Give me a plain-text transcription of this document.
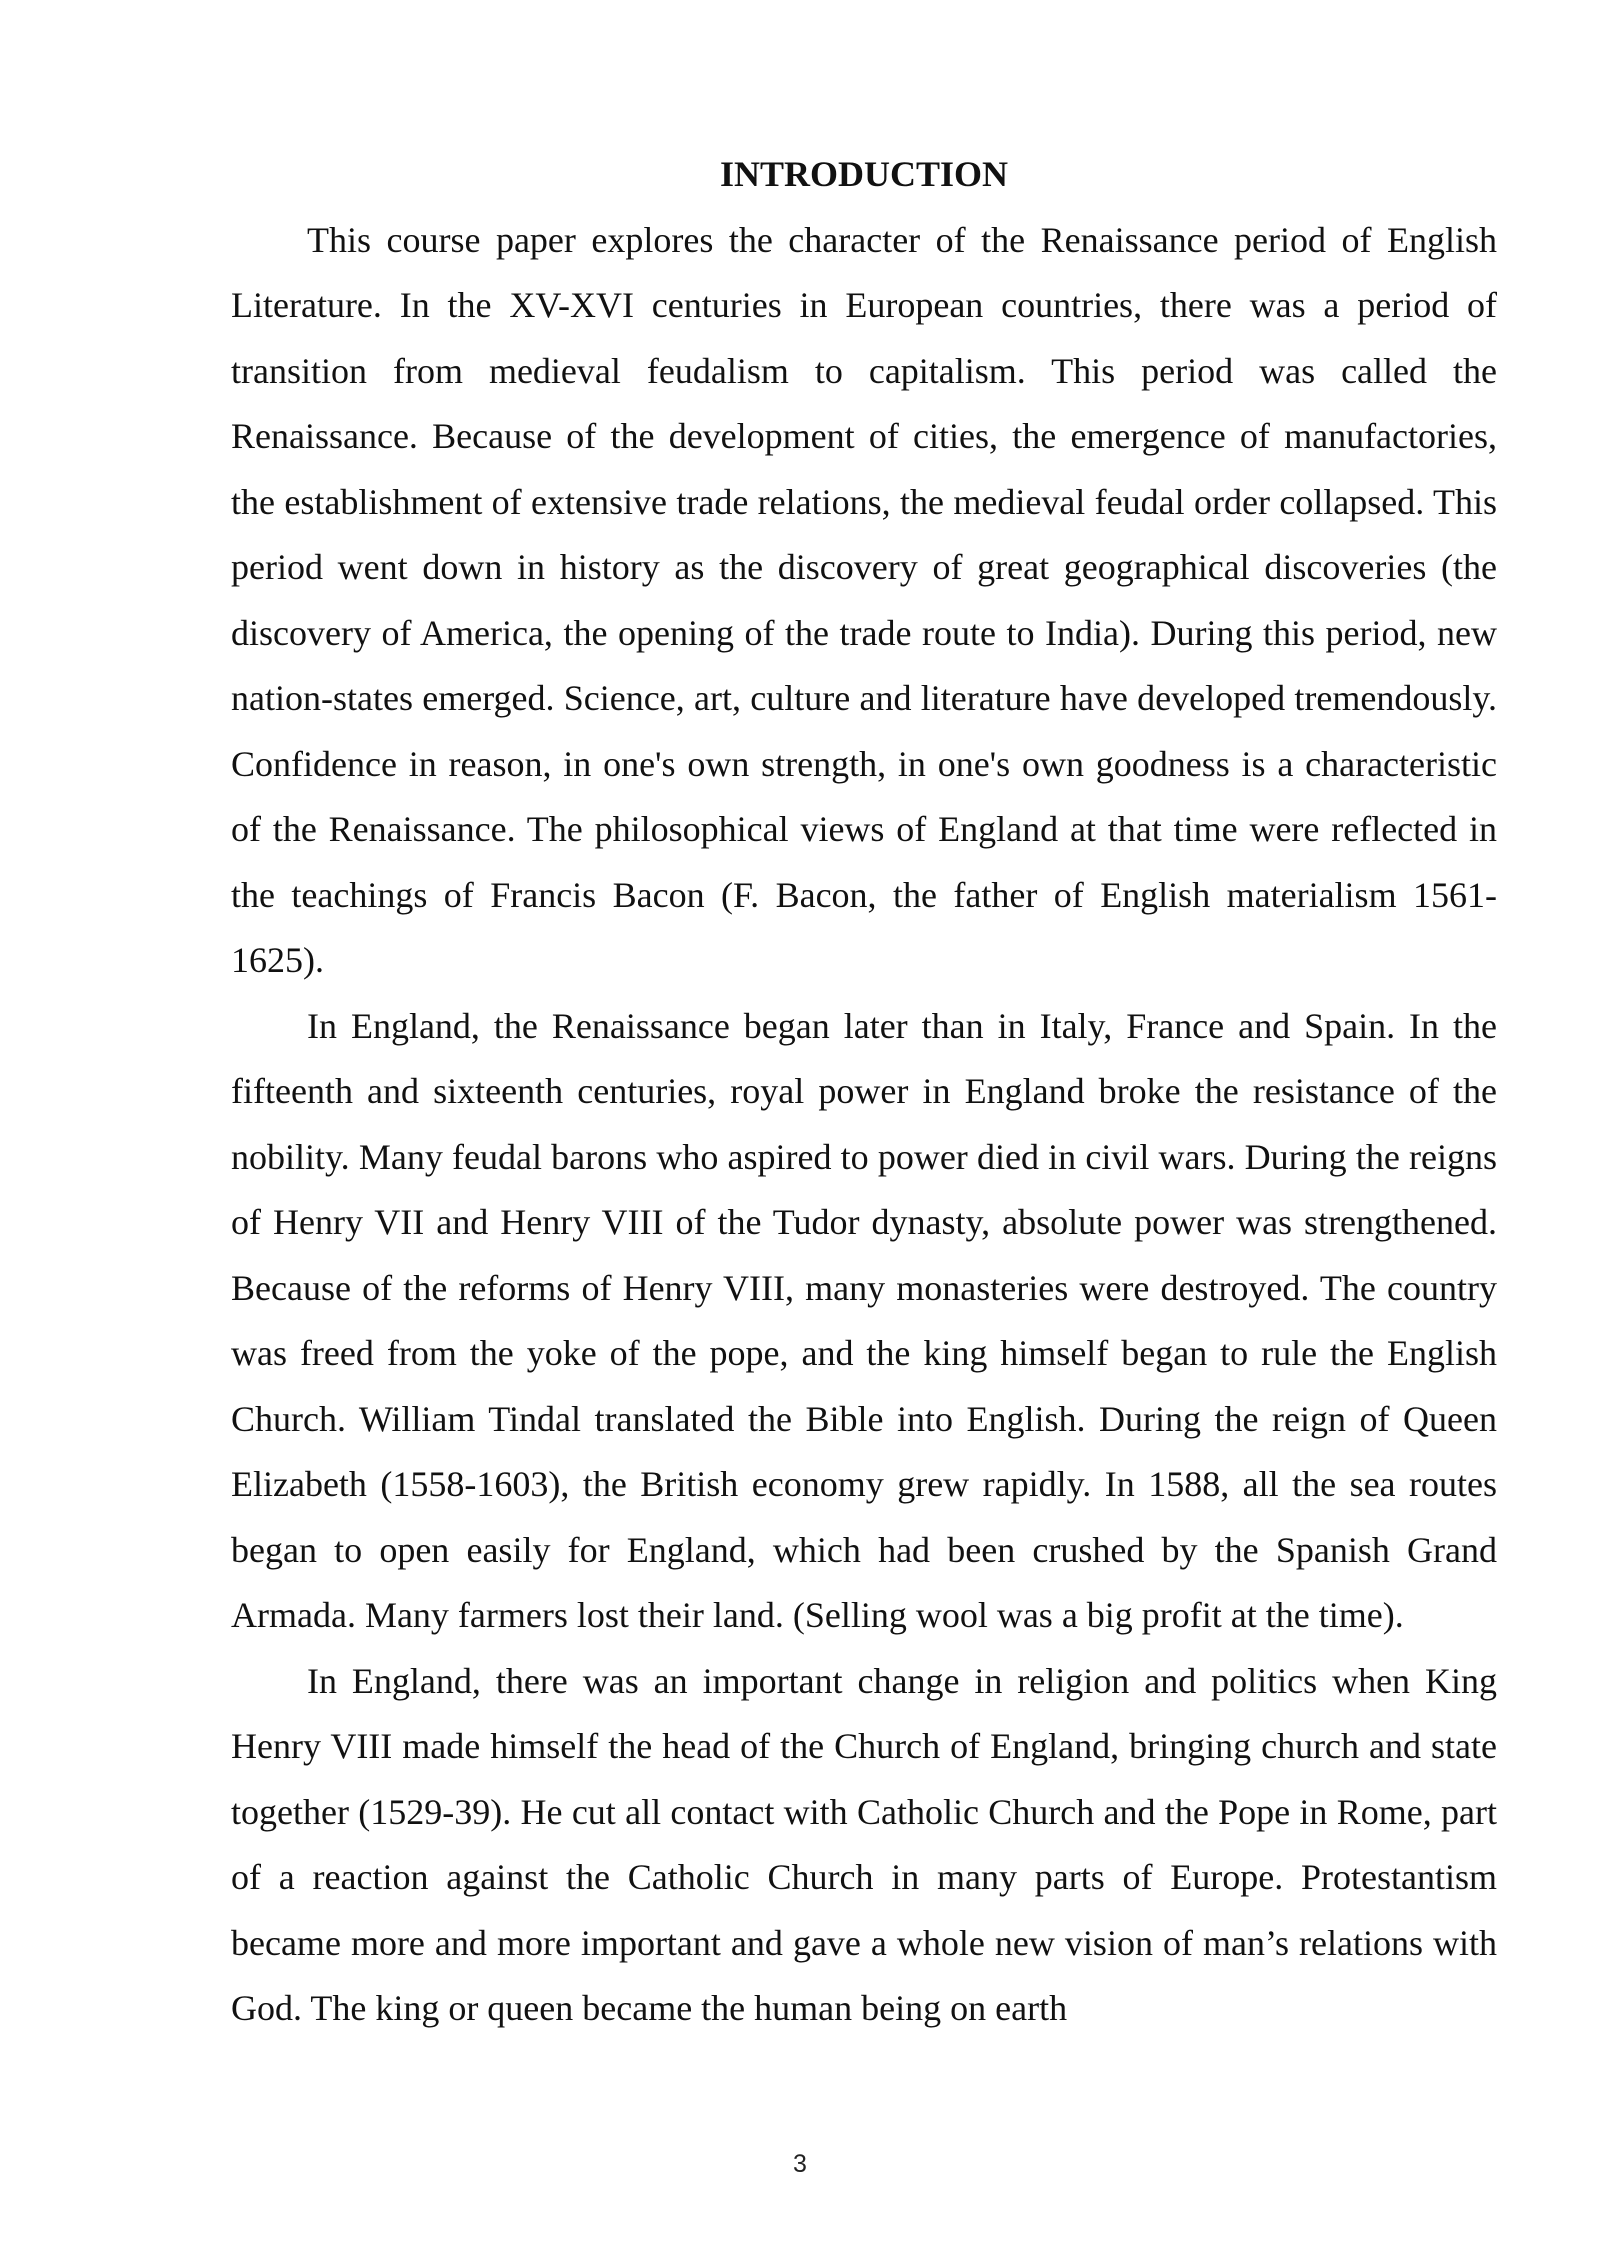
INTRODUCTION

This course paper explores the character of the Renaissance period of English Literature. In the XV-XVI centuries in European countries, there was a period of transition from medieval feudalism to capitalism. This period was called the Renaissance. Because of the development of cities, the emergence of manufactories, the establishment of extensive trade relations, the medieval feudal order collapsed. This period went down in history as the discovery of great geographical discoveries (the discovery of America, the opening of the trade route to India). During this period, new nation-states emerged. Science, art, culture and literature have developed tremendously. Confidence in reason, in one's own strength, in one's own goodness is a characteristic of the Renaissance. The philosophical views of England at that time were reflected in the teachings of Francis Bacon (F. Bacon, the father of English materialism 1561-1625).

In England, the Renaissance began later than in Italy, France and Spain. In the fifteenth and sixteenth centuries, royal power in England broke the resistance of the nobility. Many feudal barons who aspired to power died in civil wars. During the reigns of Henry VII and Henry VIII of the Tudor dynasty, absolute power was strengthened. Because of the reforms of Henry VIII, many monasteries were destroyed. The country was freed from the yoke of the pope, and the king himself began to rule the English Church. William Tindal translated the Bible into English. During the reign of Queen Elizabeth (1558-1603), the British economy grew rapidly. In 1588, all the sea routes began to open easily for England, which had been crushed by the Spanish Grand Armada. Many farmers lost their land. (Selling wool was a big profit at the time).

In England, there was an important change in religion and politics when King Henry VIII made himself the head of the Church of England, bringing church and state together (1529-39). He cut all contact with Catholic Church and the Pope in Rome, part of a reaction against the Catholic Church in many parts of Europe. Protestantism became more and more important and gave a whole new vision of man’s relations with God. The king or queen became the human being on earth

3
